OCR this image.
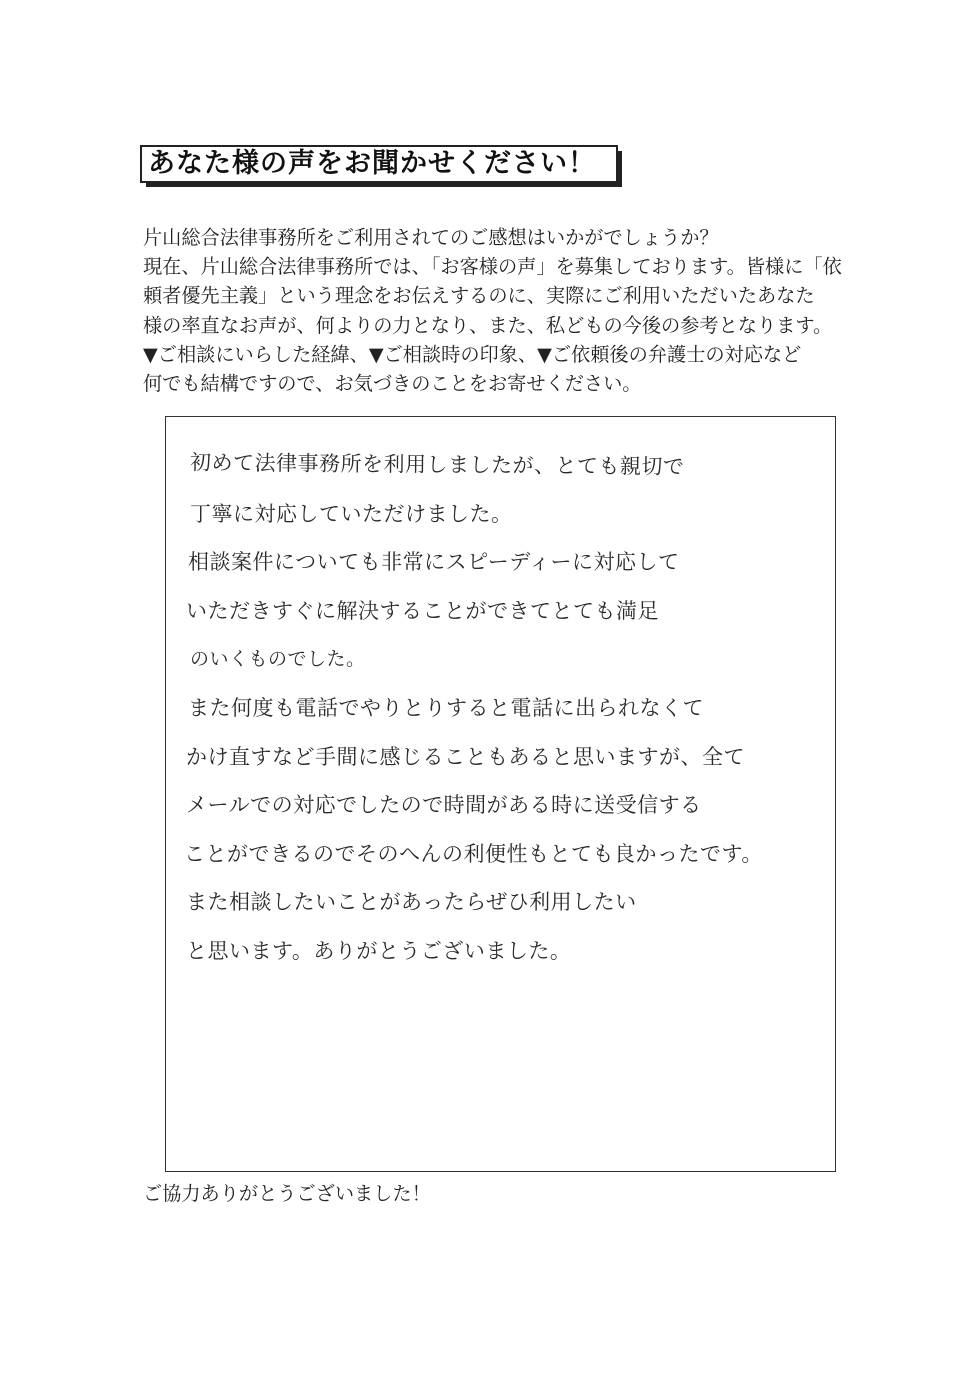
あなた様の声をお聞かせください！
片山総合法律事務所をご利用されてのご感想はいかがでしょうか？
現在、片山総合法律事務所では、「お客様の声」を募集しております。皆様に「依
頼者優先主義」という理念をお伝えするのに、実際にご利用いただいたあなた
様の率直なお声が、何よりの力となり、また、私どもの今後の参考となります。
▼ご相談にいらした経緯、▼ご相談時の印象、▼ご依頼後の弁護士の対応など
何でも結構ですので、お気づきのことをお寄せください。
初めて法律事務所を利用しましたが、とても親切で
丁寧に対応していただけました。
相談案件についても非常にスピーディーに対応して
いただきすぐに解決することができてとても満足
のいくものでした。
また何度も電話でやりとりすると電話に出られなくて
かけ直すなど手間に感じることもあると思いますが、全て
メールでの対応でしたので時間がある時に送受信する
ことができるのでそのへんの利便性もとても良かったです。
また相談したいことがあったらぜひ利用したい
と思います。ありがとうございました。
ご協力ありがとうございました！
